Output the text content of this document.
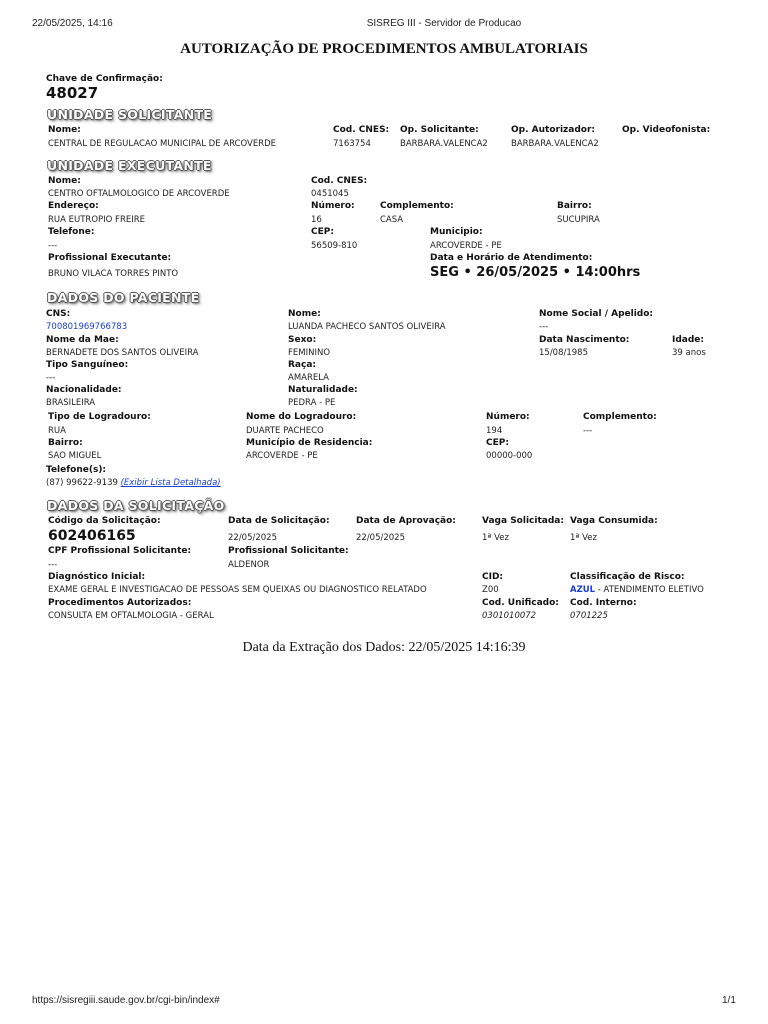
22/05/2025, 14:16	SISREG III - Servidor de Producao
AUTORIZAÇÃO DE PROCEDIMENTOS AMBULATORIAIS
Chave de Confirmação:
48027
UNIDADE SOLICITANTE
Nome:
CENTRAL DE REGULACAO MUNICIPAL DE ARCOVERDE
Cod. CNES:
7163754
Op. Solicitante:
BARBARA.VALENCA2
Op. Autorizador:
BARBARA.VALENCA2
Op. Videofonista:
UNIDADE EXECUTANTE
Nome:
CENTRO OFTALMOLOGICO DE ARCOVERDE
Cod. CNES:
0451045
Endereço:
RUA EUTROPIO FREIRE
Número:
16
Complemento:
CASA
Bairro:
SUCUPIRA
Telefone:
---
CEP:
56509-810
Municipio:
ARCOVERDE - PE
Profissional Executante:
BRUNO VILACA TORRES PINTO
Data e Horário de Atendimento:
SEG • 26/05/2025 • 14:00hrs
DADOS DO PACIENTE
CNS:
700801969766783
Nome:
LUANDA PACHECO SANTOS OLIVEIRA
Nome Social / Apelido:
---
Nome da Mae:
BERNADETE DOS SANTOS OLIVEIRA
Sexo:
FEMININO
Data Nascimento:
15/08/1985
Idade:
39 anos
Tipo Sanguíneo:
---
Raça:
AMARELA
Nacionalidade:
BRASILEIRA
Naturalidade:
PEDRA - PE
Tipo de Logradouro:
RUA
Nome do Logradouro:
DUARTE PACHECO
Número:
194
Complemento:
---
Bairro:
SAO MIGUEL
Município de Residencia:
ARCOVERDE - PE
CEP:
00000-000
Telefone(s):
(87) 99622-9139 (Exibir Lista Detalhada)
DADOS DA SOLICITAÇÃO
Código da Solicitação:
602406165
Data de Solicitação:
22/05/2025
Data de Aprovação:
22/05/2025
Vaga Solicitada:
1ª Vez
Vaga Consumida:
1ª Vez
CPF Profissional Solicitante:
---
Profissional Solicitante:
ALDENOR
Diagnóstico Inicial:
EXAME GERAL E INVESTIGACAO DE PESSOAS SEM QUEIXAS OU DIAGNOSTICO RELATADO
CID:
Z00
Classificação de Risco:
AZUL - ATENDIMENTO ELETIVO
Procedimentos Autorizados:
CONSULTA EM OFTALMOLOGIA - GERAL
Cod. Unificado:
0301010072
Cod. Interno:
0701225
Data da Extração dos Dados: 22/05/2025 14:16:39
https://sisregiii.saude.gov.br/cgi-bin/index#	1/1
